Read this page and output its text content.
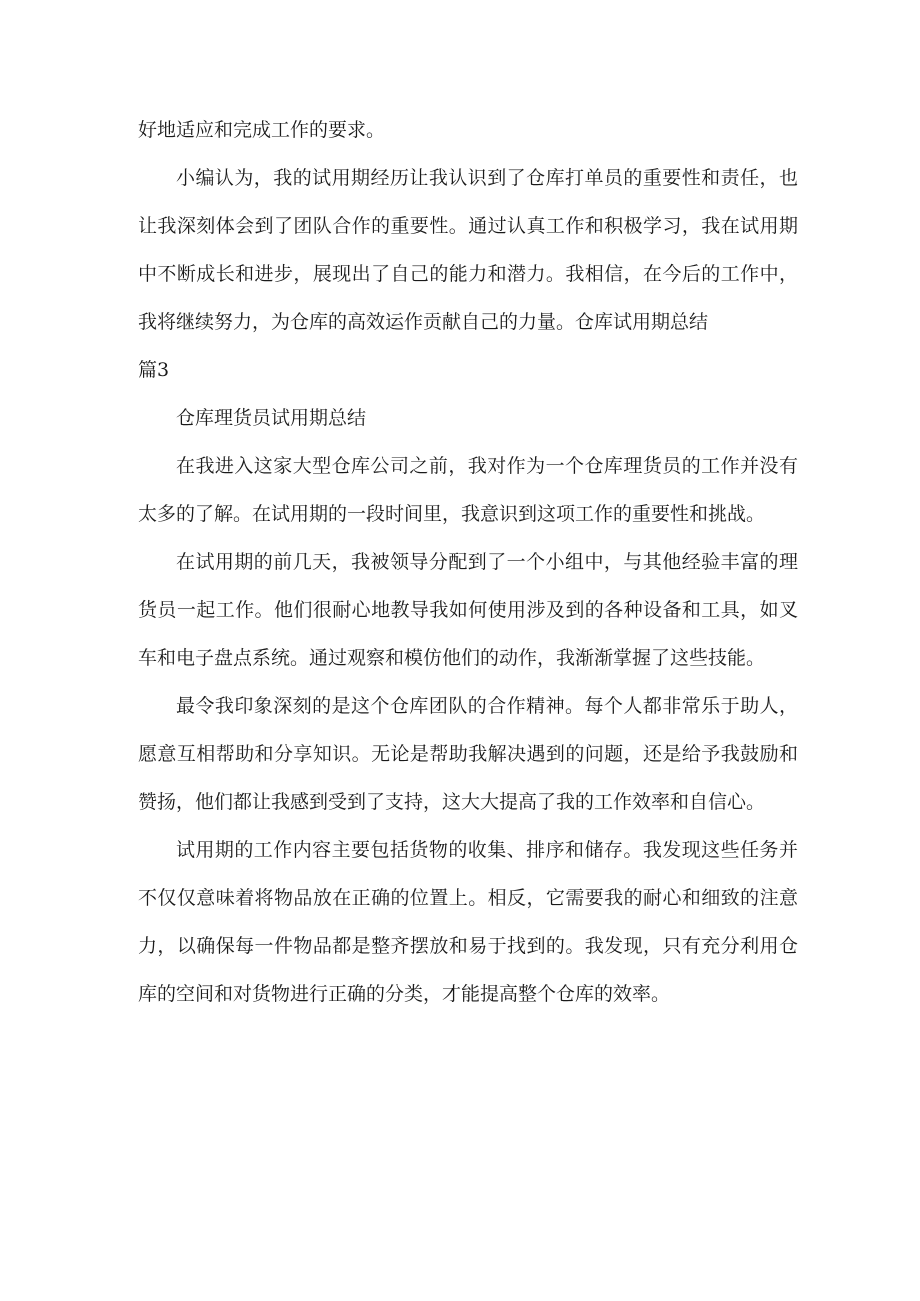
好地适应和完成工作的要求。

小编认为，我的试用期经历让我认识到了仓库打单员的重要性和责任，也让我深刻体会到了团队合作的重要性。通过认真工作和积极学习，我在试用期中不断成长和进步，展现出了自己的能力和潜力。我相信，在今后的工作中，我将继续努力，为仓库的高效运作贡献自己的力量。仓库试用期总结

篇3

仓库理货员试用期总结

在我进入这家大型仓库公司之前，我对作为一个仓库理货员的工作并没有太多的了解。在试用期的一段时间里，我意识到这项工作的重要性和挑战。

在试用期的前几天，我被领导分配到了一个小组中，与其他经验丰富的理货员一起工作。他们很耐心地教导我如何使用涉及到的各种设备和工具，如叉车和电子盘点系统。通过观察和模仿他们的动作，我渐渐掌握了这些技能。

最令我印象深刻的是这个仓库团队的合作精神。每个人都非常乐于助人，愿意互相帮助和分享知识。无论是帮助我解决遇到的问题，还是给予我鼓励和赞扬，他们都让我感到受到了支持，这大大提高了我的工作效率和自信心。

试用期的工作内容主要包括货物的收集、排序和储存。我发现这些任务并不仅仅意味着将物品放在正确的位置上。相反，它需要我的耐心和细致的注意力，以确保每一件物品都是整齐摆放和易于找到的。我发现，只有充分利用仓库的空间和对货物进行正确的分类，才能提高整个仓库的效率。
